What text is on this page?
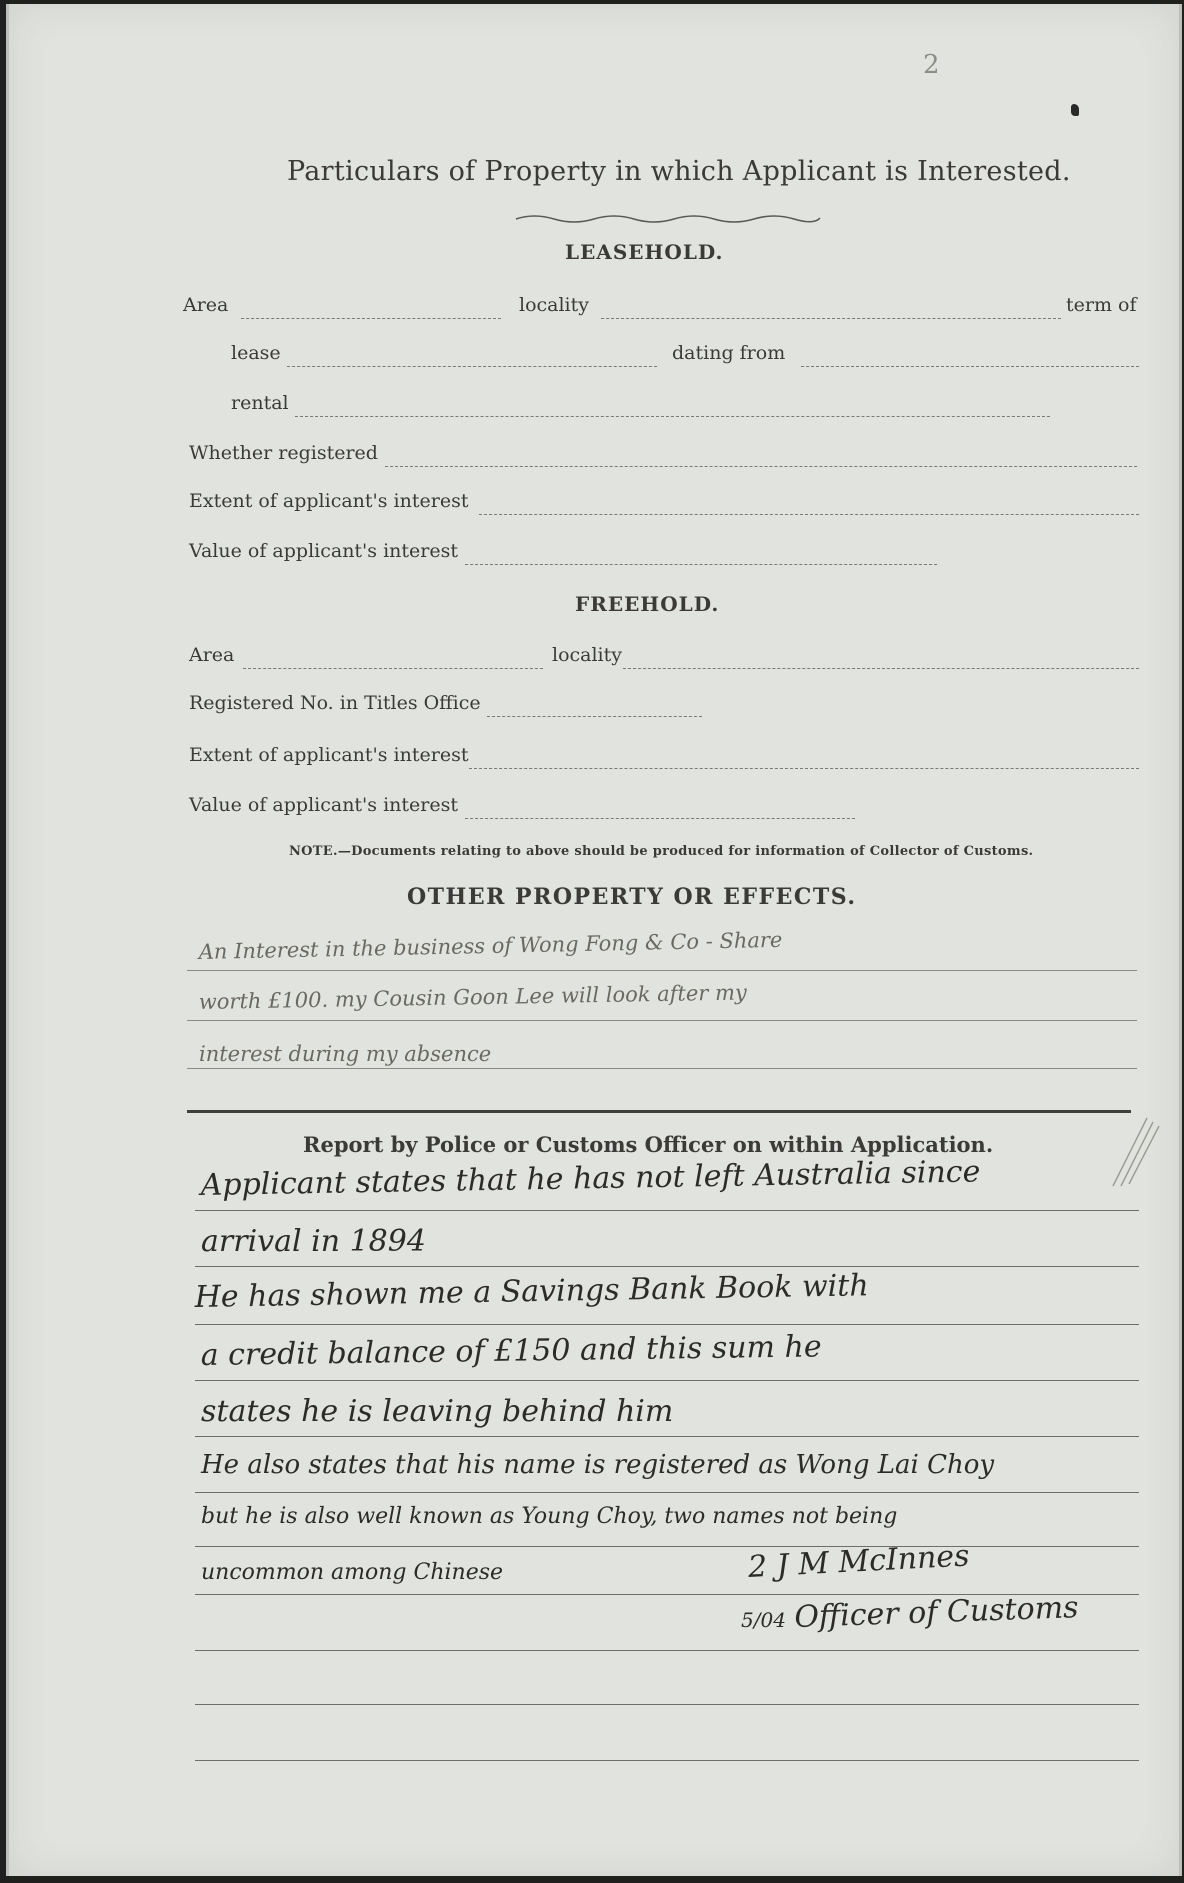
2
Particulars of Property in which Applicant is Interested.
LEASEHOLD.
Area	locality	term of
lease	dating from
rental
Whether registered
Extent of applicant's interest
Value of applicant's interest
FREEHOLD.
Area	locality
Registered No. in Titles Office
Extent of applicant's interest
Value of applicant's interest
NOTE.—Documents relating to above should be produced for information of Collector of Customs.
OTHER PROPERTY OR EFFECTS.
An Interest in the business of Wong Fong & Co - Share
worth £100. my Cousin Goon Lee will look after my
interest during my absence
Report by Police or Customs Officer on within Application.
Applicant states that he has not left Australia since
arrival in 1894
He has shown me a Savings Bank Book with
a credit balance of £150 and this sum he
states he is leaving behind him
He also states that his name is registered as Wong Lai Choy
but he is also well known as Young Choy, two names not being
uncommon among Chinese	2 J M McInnes
5/04 Officer of Customs
